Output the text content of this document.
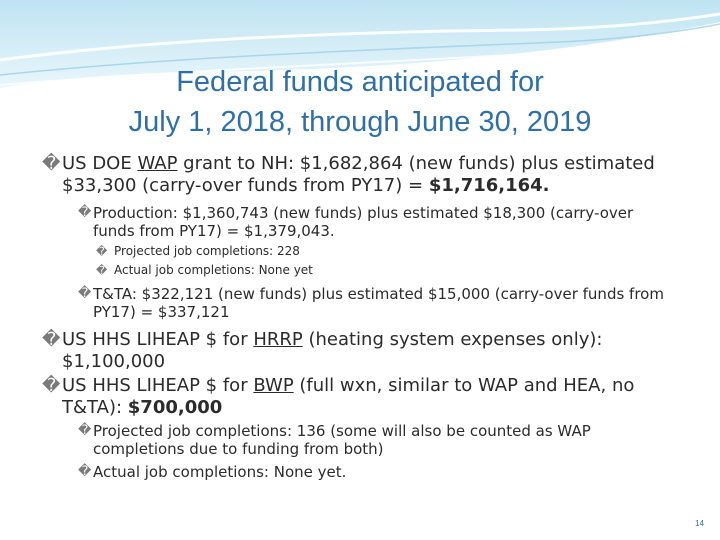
Federal funds anticipated for
July 1, 2018, through June 30, 2019
� US DOE WAP grant to NH: $1,682,864 (new funds) plus estimated $33,300 (carry-over funds from PY17) = $1,716,164.
� Production: $1,360,743 (new funds) plus estimated $18,300 (carry-over funds from PY17) = $1,379,043.
� Projected job completions: 228
� Actual job completions: None yet
� T&TA: $322,121 (new funds) plus estimated $15,000 (carry-over funds from PY17) = $337,121
� US HHS LIHEAP $ for HRRP (heating system expenses only): $1,100,000
� US HHS LIHEAP $ for BWP (full wxn, similar to WAP and HEA, no T&TA): $700,000
� Projected job completions: 136 (some will also be counted as WAP completions due to funding from both)
� Actual job completions: None yet.
14
